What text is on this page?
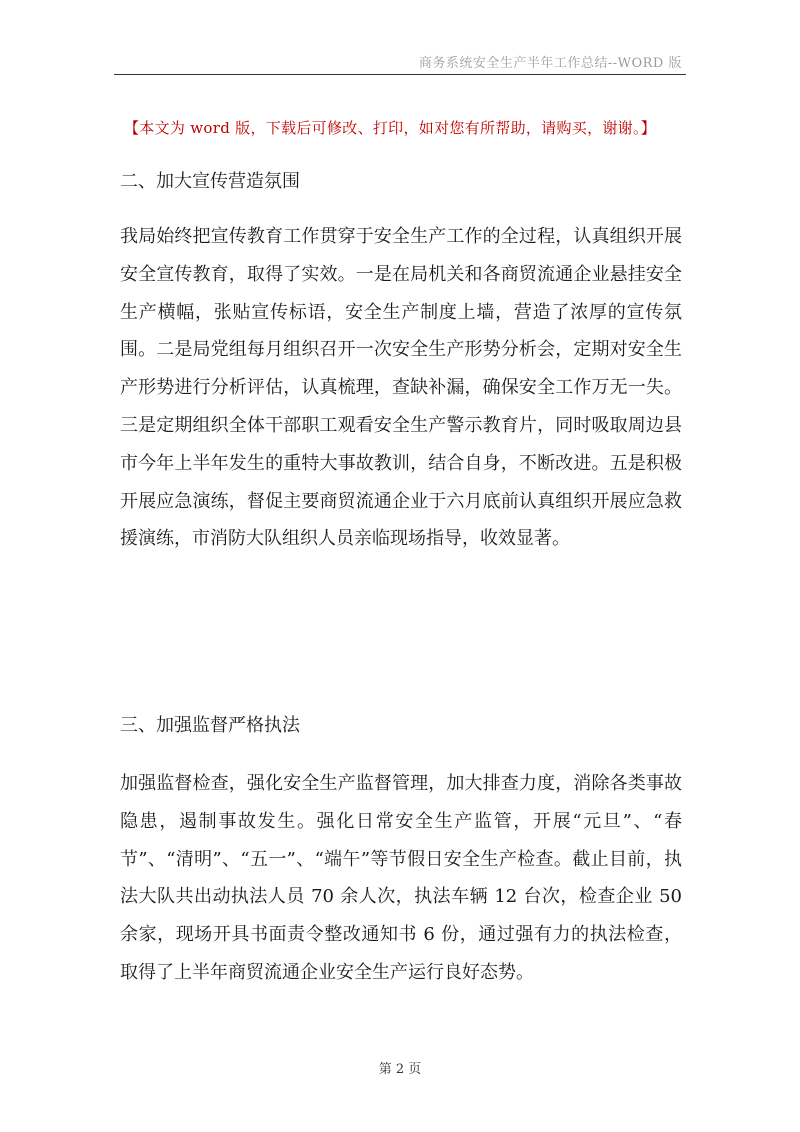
商务系统安全生产半年工作总结--WORD 版
【本文为 word 版，下载后可修改、打印，如对您有所帮助，请购买，谢谢。】
二、加大宣传营造氛围
我局始终把宣传教育工作贯穿于安全生产工作的全过程，认真组织开展安全宣传教育，取得了实效。一是在局机关和各商贸流通企业悬挂安全生产横幅，张贴宣传标语，安全生产制度上墙，营造了浓厚的宣传氛围。二是局党组每月组织召开一次安全生产形势分析会，定期对安全生产形势进行分析评估，认真梳理，查缺补漏，确保安全工作万无一失。三是定期组织全体干部职工观看安全生产警示教育片，同时吸取周边县市今年上半年发生的重特大事故教训，结合自身，不断改进。五是积极开展应急演练，督促主要商贸流通企业于六月底前认真组织开展应急救援演练，市消防大队组织人员亲临现场指导，收效显著。
三、加强监督严格执法
加强监督检查，强化安全生产监督管理，加大排查力度，消除各类事故隐患，遏制事故发生。强化日常安全生产监管，开展“元旦”、“春节”、“清明”、“五一”、“端午”等节假日安全生产检查。截止目前，执法大队共出动执法人员 70 余人次，执法车辆 12 台次，检查企业 50 余家，现场开具书面责令整改通知书 6 份，通过强有力的执法检查，取得了上半年商贸流通企业安全生产运行良好态势。
第 2 页
